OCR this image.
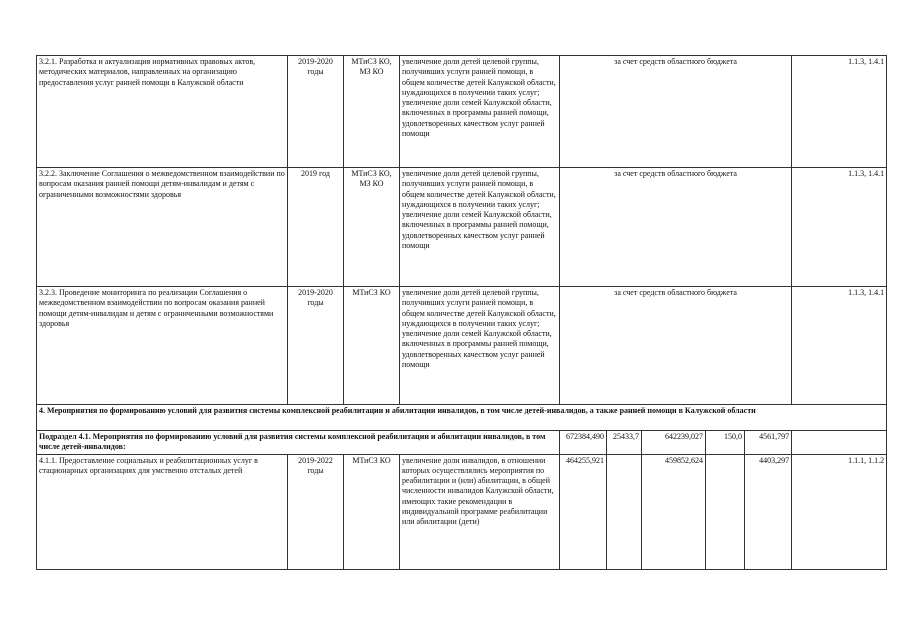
3.2.1. Разработка и актуализация нормативных правовых актов, методических материалов, направленных на организацию предоставления услуг ранней помощи в Калужской области	2019-2020
годы	МТиСЗ КО,
МЗ КО	увеличение доли детей целевой группы, получивших услуги ранней помощи, в общем количестве детей Калужской области, нуждающихся в получении таких услуг;
увеличение доли семей Калужской области, включенных в программы ранней помощи, удовлетворенных качеством услуг ранней помощи	за счет средств областного бюджета					1.1.3, 1.4.1
3.2.2. Заключение Соглашения о межведомственном взаимодействии по вопросам оказания ранней помощи детям-инвалидам и детям с ограниченными возможностями здоровья	2019 год	МТиСЗ КО,
МЗ КО	увеличение доли детей целевой группы, получивших услуги ранней помощи, в общем количестве детей Калужской области, нуждающихся в получении таких услуг;
увеличение доли семей Калужской области, включенных в программы ранней помощи, удовлетворенных качеством услуг ранней помощи	за счет средств областного бюджета					1.1.3, 1.4.1
3.2.3. Проведение мониторинга по реализации Соглашения о межведомственном взаимодействии по вопросам оказания ранней помощи детям-инвалидам и детям с ограниченными возможностями здоровья	2019-2020
годы	МТиСЗ КО	увеличение доли детей целевой группы, получивших услуги ранней помощи, в общем количестве детей Калужской области, нуждающихся в получении таких услуг;
увеличение доли семей Калужской области, включенных в программы ранней помощи, удовлетворенных качеством услуг ранней помощи	за счет средств областного бюджета					1.1.3, 1.4.1
4. Мероприятия по формированию условий для развития системы комплексной реабилитации и абилитации инвалидов, в том числе детей-инвалидов, а также ранней помощи в Калужской области									
Подраздел 4.1. Мероприятия по формированию условий для развития системы комплексной реабилитации и абилитации инвалидов, в том числе детей-инвалидов:				672384,490	25433,7	642239,027	150,0	4561,797	
4.1.1. Предоставление социальных и реабилитационных услуг в стационарных организациях для умственно отсталых детей	2019-2022
годы	МТиСЗ КО	увеличение доли инвалидов, в отношении которых осуществлялись мероприятия по реабилитации и (или) абилитации, в общей численности инвалидов Калужской области, имеющих такие рекомендации в индивидуальной программе реабилитации или абилитации (дети)	464255,921		459852,624		4403,297	1.1.1, 1.1.2
